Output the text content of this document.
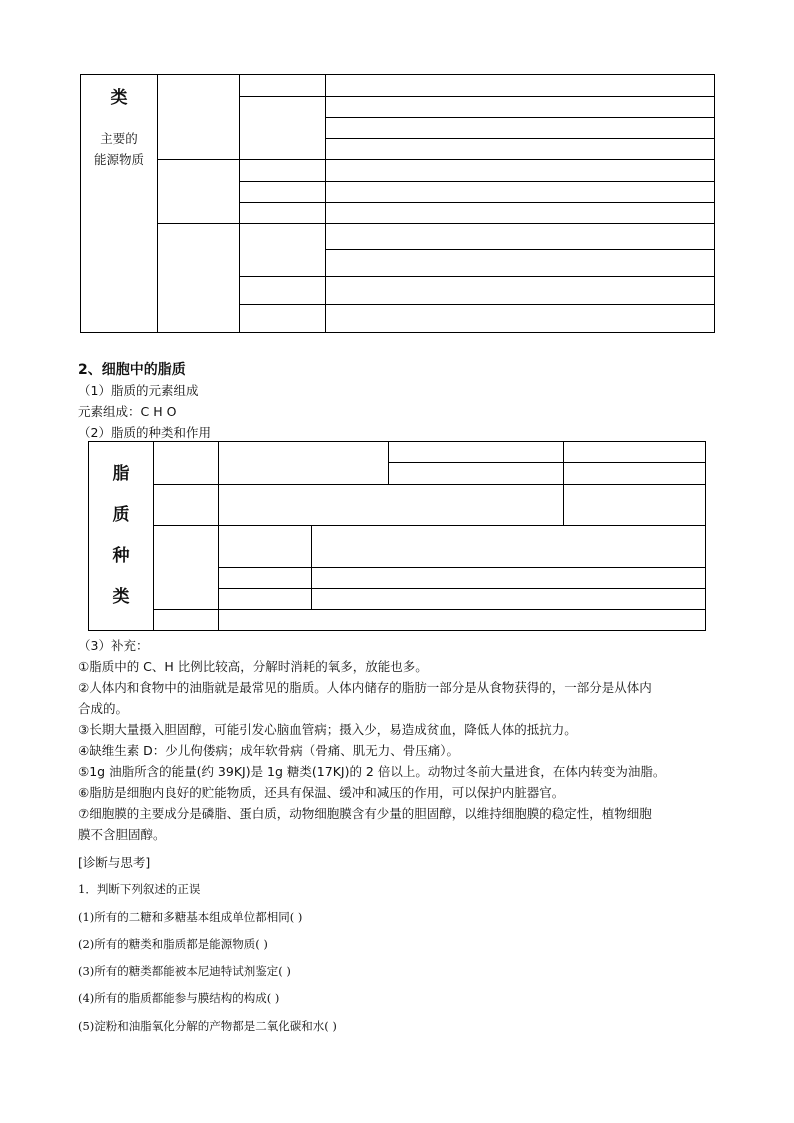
类
主要的
能源物质			

2、细胞中的脂质
（1）脂质的元素组成
元素组成：C H O
（2）脂质的种类和作用
脂
质
种
类					

（3）补充：
①脂质中的 C、H 比例比较高，分解时消耗的氧多，放能也多。
②人体内和食物中的油脂就是最常见的脂质。人体内储存的脂肪一部分是从食物获得的，一部分是从体内
合成的。
③长期大量摄入胆固醇，可能引发心脑血管病；摄入少，易造成贫血，降低人体的抵抗力。
④缺维生素 D：少儿佝偻病；成年软骨病（骨痛、肌无力、骨压痛）。
⑤1g 油脂所含的能量(约 39KJ)是 1g 糖类(17KJ)的 2 倍以上。动物过冬前大量进食，在体内转变为油脂。
⑥脂肪是细胞内良好的贮能物质，还具有保温、缓冲和减压的作用，可以保护内脏器官。
⑦细胞膜的主要成分是磷脂、蛋白质，动物细胞膜含有少量的胆固醇，以维持细胞膜的稳定性，植物细胞
膜不含胆固醇。
[诊断与思考]
1．判断下列叙述的正误
(1)所有的二糖和多糖基本组成单位都相同( )
(2)所有的糖类和脂质都是能源物质( )
(3)所有的糖类都能被本尼迪特试剂鉴定( )
(4)所有的脂质都能参与膜结构的构成( )
(5)淀粉和油脂氧化分解的产物都是二氧化碳和水( )
